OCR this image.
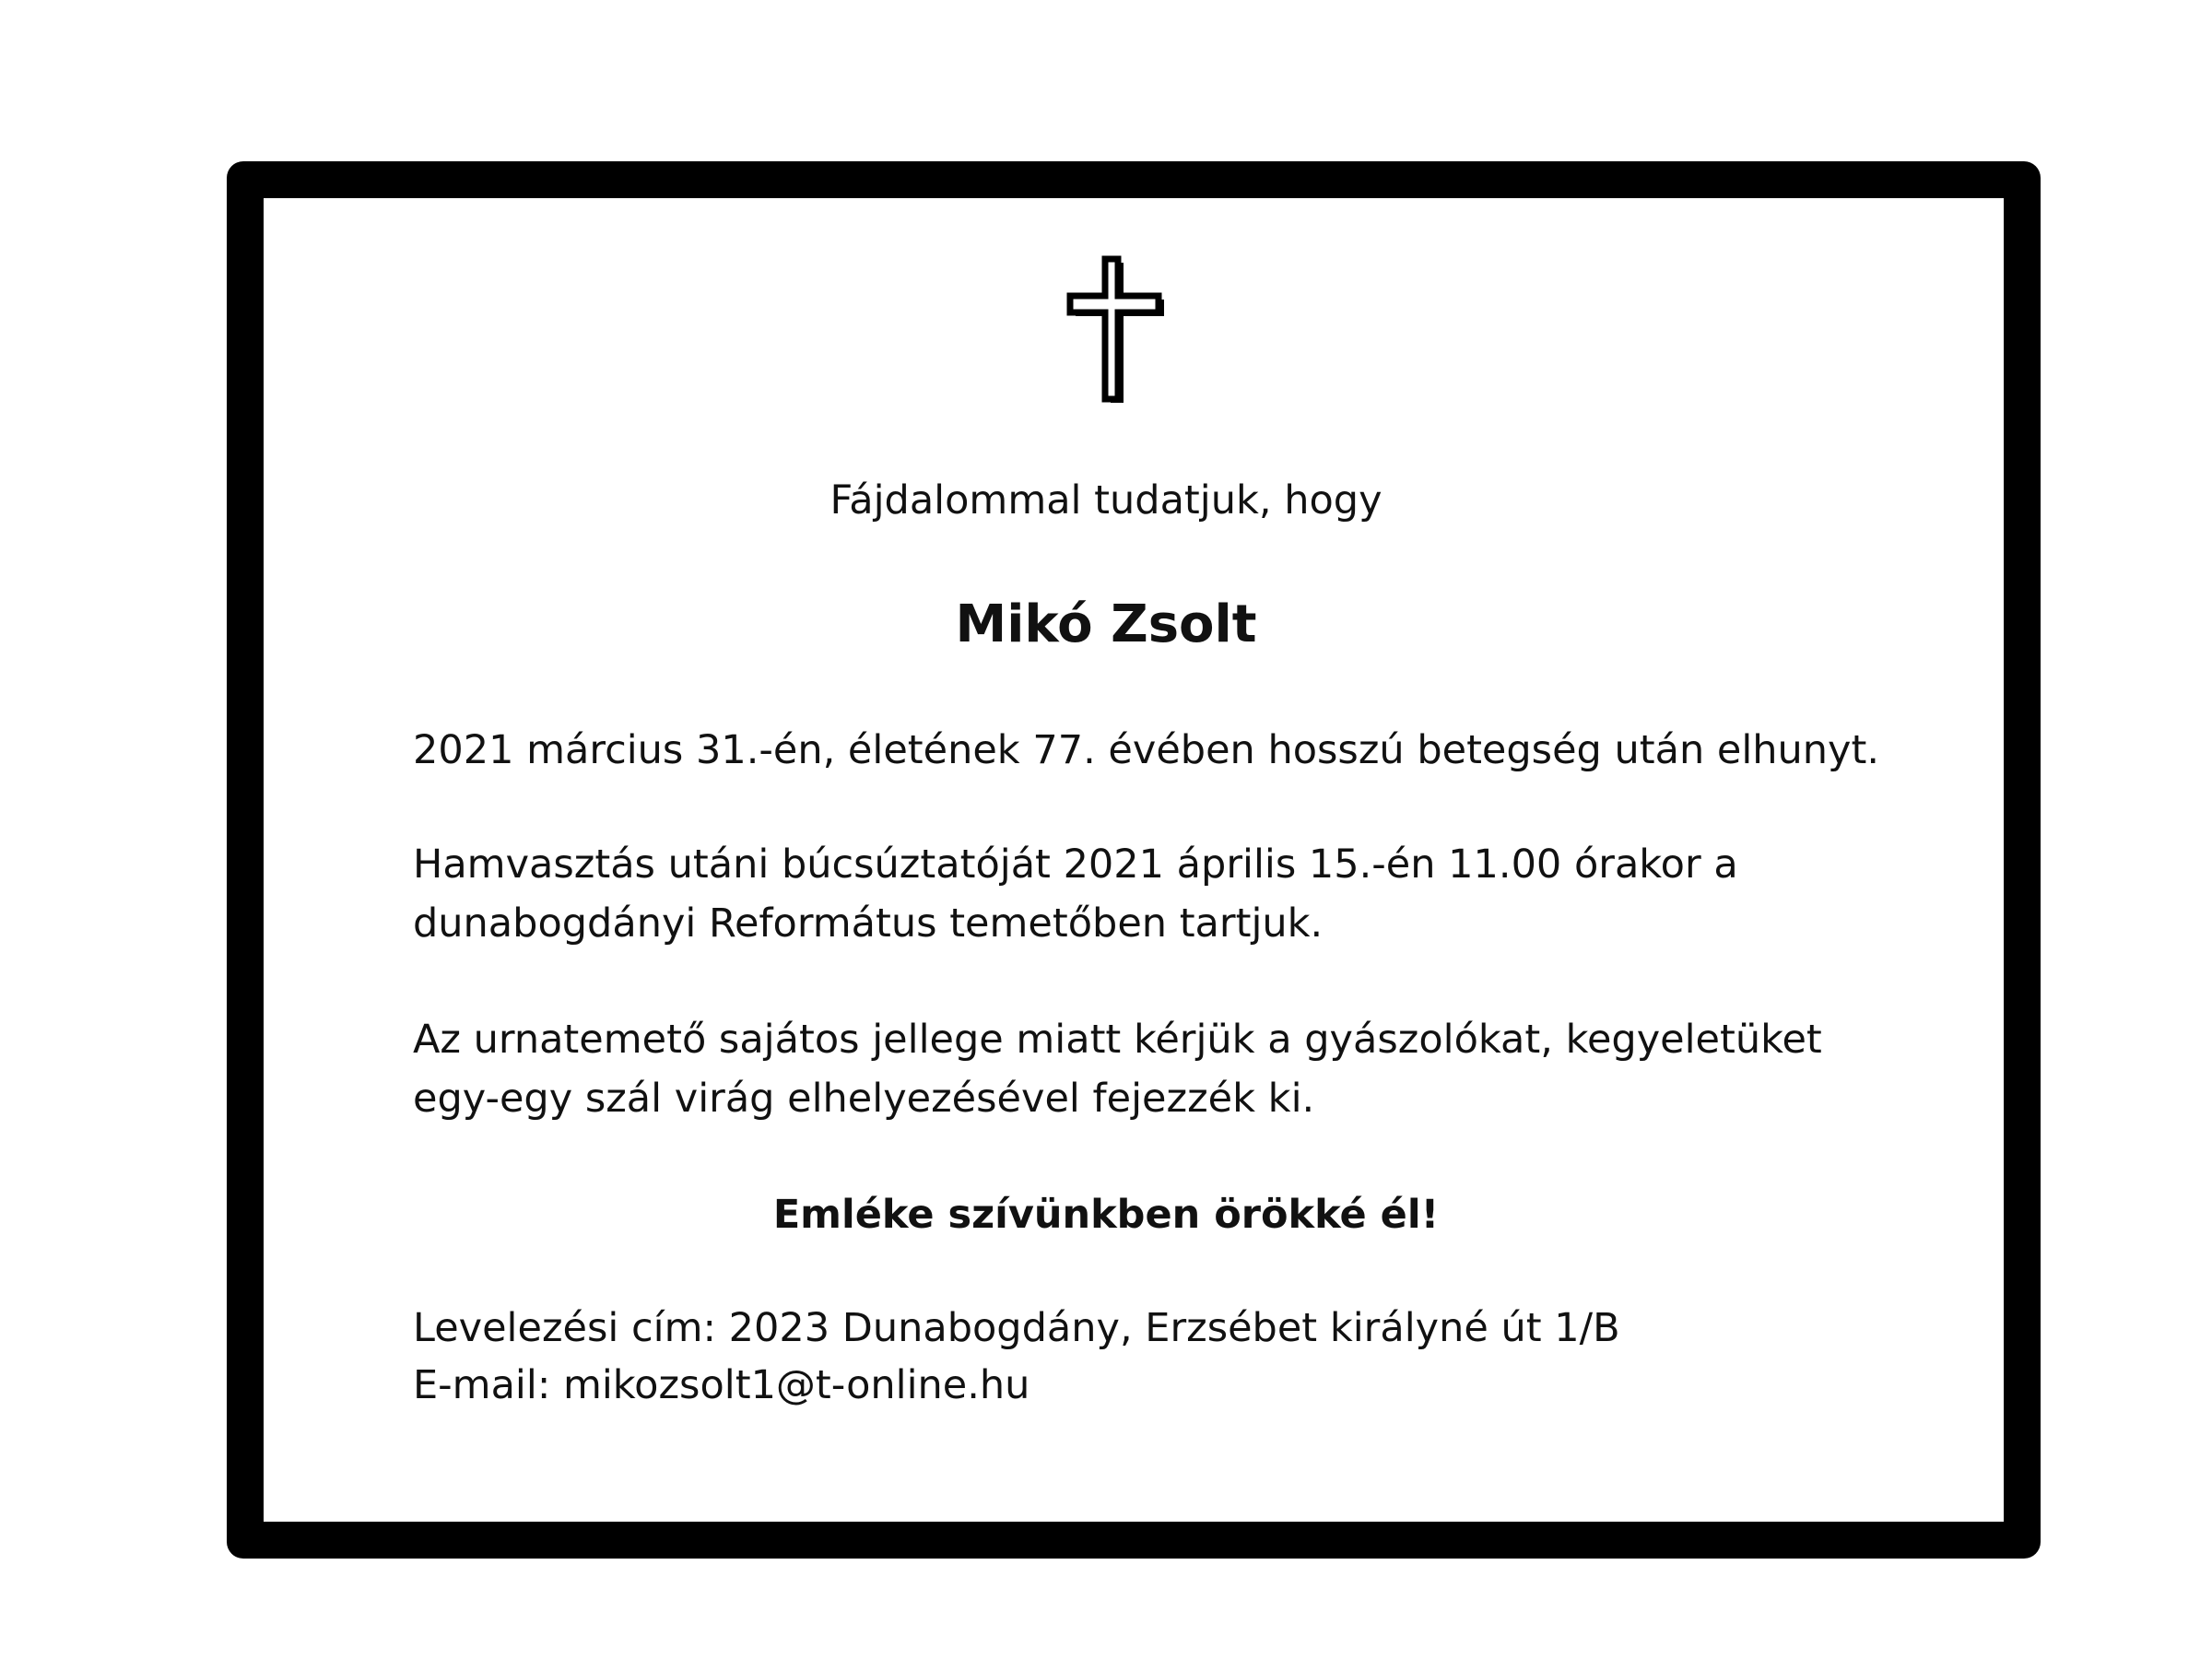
Fájdalommal tudatjuk, hogy
Mikó Zsolt
2021 március 31.-én, életének 77. évében hosszú betegség után elhunyt.
Hamvasztás utáni búcsúztatóját 2021 április 15.-én 11.00 órakor a
dunabogdányi Református temetőben tartjuk.
Az urnatemető sajátos jellege miatt kérjük a gyászolókat, kegyeletüket
egy-egy szál virág elhelyezésével fejezzék ki.
Emléke szívünkben örökké él!
Levelezési cím: 2023 Dunabogdány, Erzsébet királyné út 1/B
E-mail: mikozsolt1@t-online.hu
